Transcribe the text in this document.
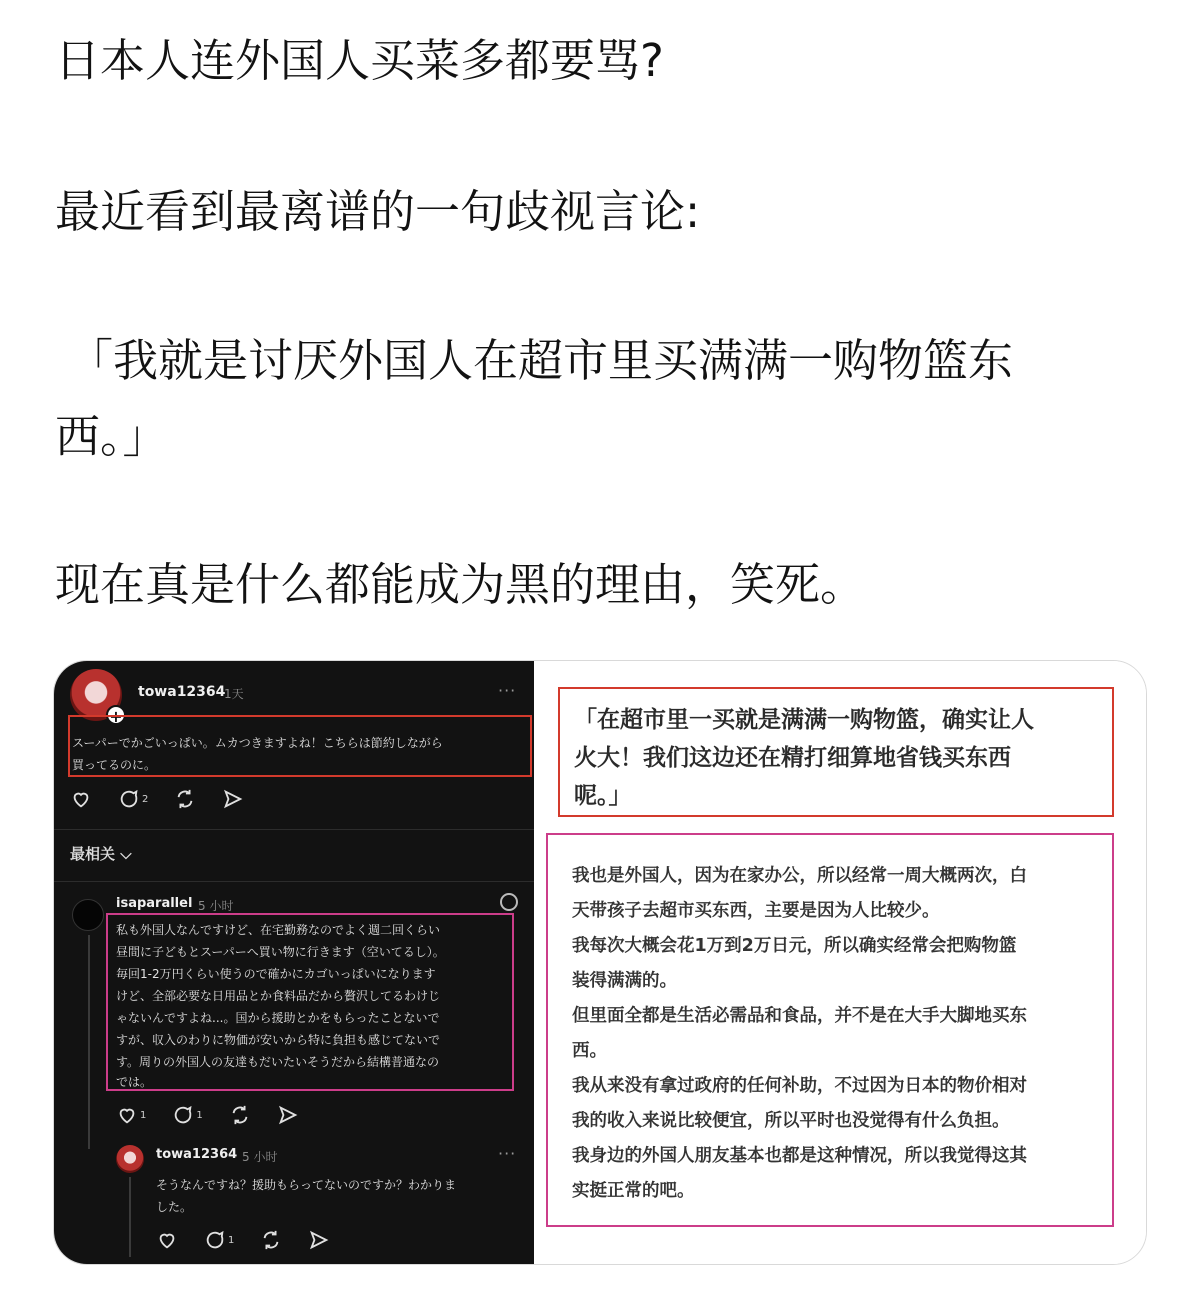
日本人连外国人买菜多都要骂?
最近看到最离谱的一句歧视言论:
「我就是讨厌外国人在超市里买满满一购物篮东
西。」
现在真是什么都能成为黑的理由，笑死。
+
towa12364
1天	···
スーパーでかごいっぱい。ムカつきますよね！こちらは節約しながら
買ってるのに。
2
最相关 ⌵
isaparallel 5 小时
私も外国人なんですけど、在宅勤務なのでよく週二回くらい
昼間に子どもとスーパーへ買い物に行きます（空いてるし）。
毎回1-2万円くらい使うので確かにカゴいっぱいになります
けど、全部必要な日用品とか食料品だから贅沢してるわけじ
ゃないんですよね...。国から援助とかをもらったことないで
すが、収入のわりに物価が安いから特に負担も感じてないで
す。周りの外国人の友達もだいたいそうだから結構普通なの
では。
1	1
towa12364 5 小时	···
そうなんですね？援助もらってないのですか？わかりま
した。
1
「在超市里一买就是满满一购物篮，确实让人
火大！我们这边还在精打细算地省钱买东西
呢。」
我也是外国人，因为在家办公，所以经常一周大概两次，白
天带孩子去超市买东西，主要是因为人比较少。
我每次大概会花1万到2万日元，所以确实经常会把购物篮
装得满满的。
但里面全都是生活必需品和食品，并不是在大手大脚地买东
西。
我从来没有拿过政府的任何补助，不过因为日本的物价相对
我的收入来说比较便宜，所以平时也没觉得有什么负担。
我身边的外国人朋友基本也都是这种情况，所以我觉得这其
实挺正常的吧。
